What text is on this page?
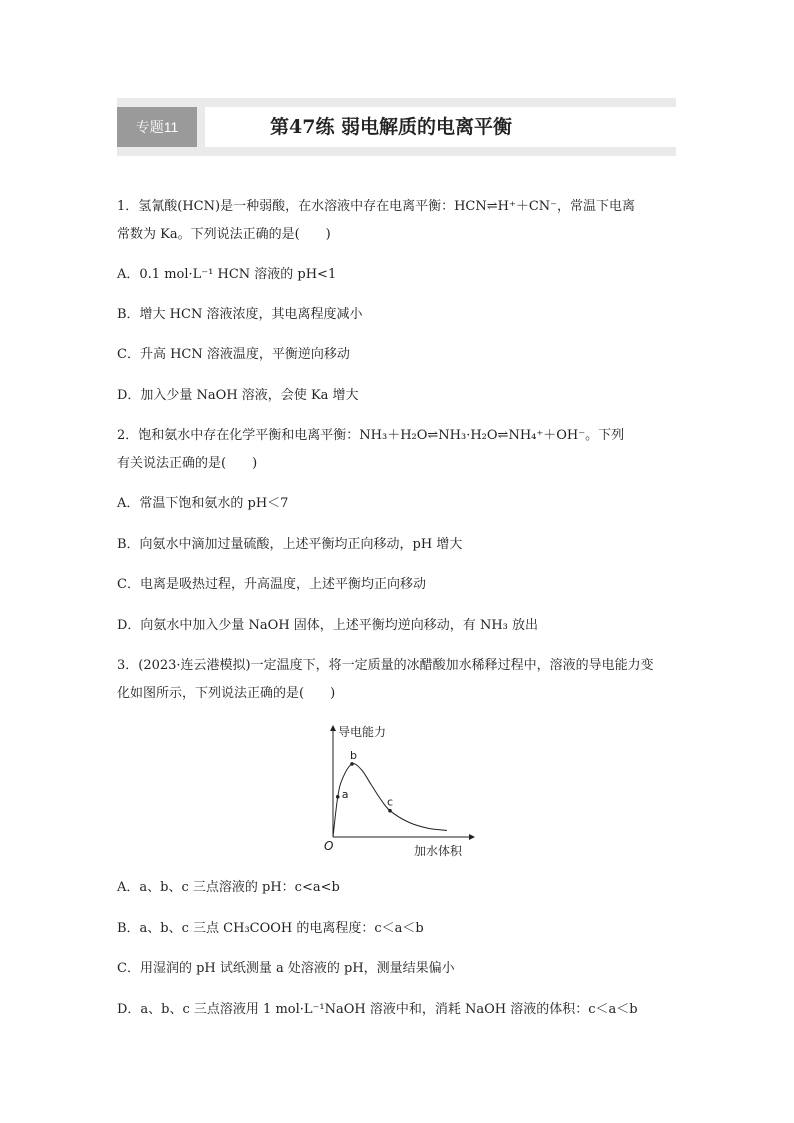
专题11	第47练 弱电解质的电离平衡
1．氢氰酸(HCN)是一种弱酸，在水溶液中存在电离平衡：HCN⇌H⁺＋CN⁻，常温下电离
常数为 Ka。下列说法正确的是(　　)
A．0.1 mol·L⁻¹ HCN 溶液的 pH<1
B．增大 HCN 溶液浓度，其电离程度减小
C．升高 HCN 溶液温度，平衡逆向移动
D．加入少量 NaOH 溶液，会使 Ka 增大
2．饱和氨水中存在化学平衡和电离平衡：NH₃＋H₂O⇌NH₃·H₂O⇌NH₄⁺＋OH⁻。下列
有关说法正确的是(　　)
A．常温下饱和氨水的 pH＜7
B．向氨水中滴加过量硫酸，上述平衡均正向移动，pH 增大
C．电离是吸热过程，升高温度，上述平衡均正向移动
D．向氨水中加入少量 NaOH 固体，上述平衡均逆向移动，有 NH₃ 放出
3．(2023·连云港模拟)一定温度下，将一定质量的冰醋酸加水稀释过程中，溶液的导电能力变
化如图所示，下列说法正确的是(　　)
导电能力
加水体积
O
a
b
c
A．a、b、c 三点溶液的 pH：c<a<b
B．a、b、c 三点 CH₃COOH 的电离程度：c＜a＜b
C．用湿润的 pH 试纸测量 a 处溶液的 pH，测量结果偏小
D．a、b、c 三点溶液用 1 mol·L⁻¹NaOH 溶液中和，消耗 NaOH 溶液的体积：c＜a＜b
